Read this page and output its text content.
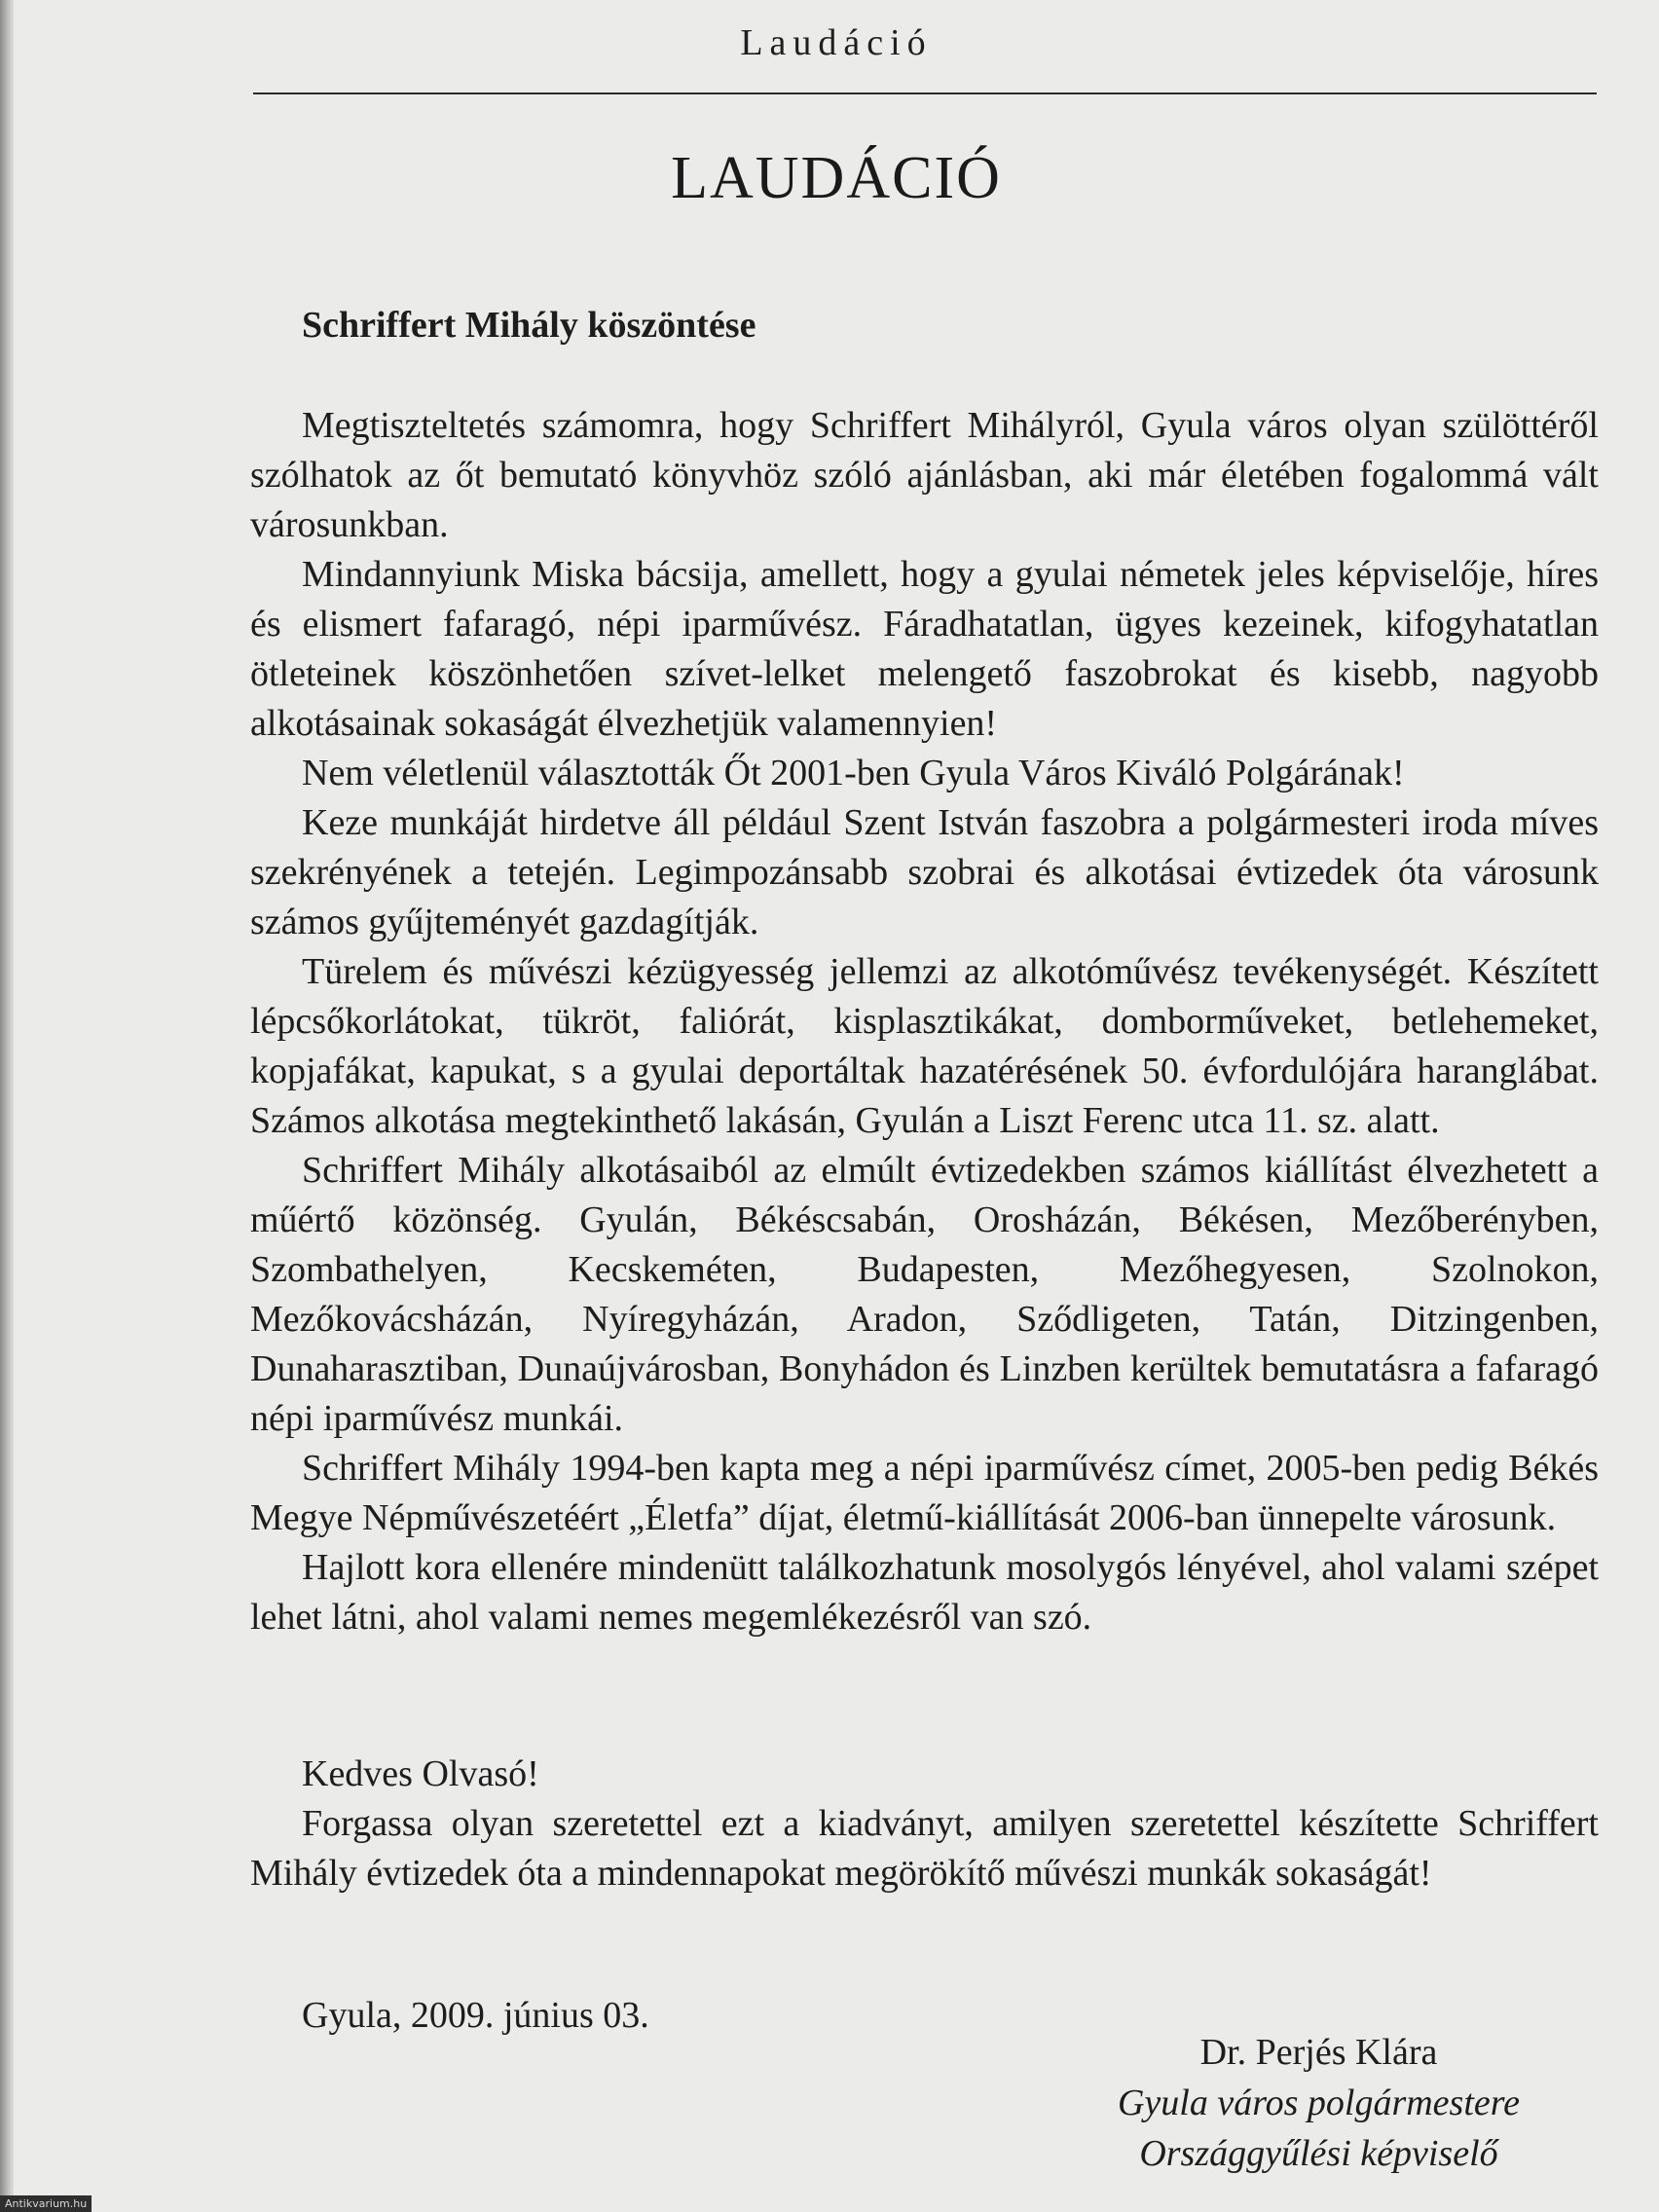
Laudáció
LAUDÁCIÓ
Schriffert Mihály köszöntése

Megtiszteltetés számomra, hogy Schriffert Mihályról, Gyula város olyan szülöttéről szólhatok az őt bemutató könyvhöz szóló ajánlásban, aki már életében fogalommá vált városunkban.

Mindannyiunk Miska bácsija, amellett, hogy a gyulai németek jeles képviselője, híres és elismert fafaragó, népi iparművész. Fáradhatatlan, ügyes kezeinek, kifogyhatatlan ötleteinek köszönhetően szívet-lelket melengető faszobrokat és kisebb, nagyobb alkotásainak sokaságát élvezhetjük valamennyien!

Nem véletlenül választották Őt 2001-ben Gyula Város Kiváló Polgárának!

Keze munkáját hirdetve áll például Szent István faszobra a polgármesteri iroda míves szekrényének a tetején. Legimpozánsabb szobrai és alkotásai évtizedek óta városunk számos gyűjteményét gazdagítják.

Türelem és művészi kézügyesség jellemzi az alkotóművész tevékenységét. Készített lépcsőkorlátokat, tükröt, faliórát, kisplasztikákat, domborműveket, betlehemeket, kopjafákat, kapukat, s a gyulai deportáltak hazatérésének 50. évfordulójára haranglábat. Számos alkotása megtekinthető lakásán, Gyulán a Liszt Ferenc utca 11. sz. alatt.

Schriffert Mihály alkotásaiból az elmúlt évtizedekben számos kiállítást élvezhetett a műértő közönség. Gyulán, Békéscsabán, Orosházán, Békésen, Mezőberényben, Szombathelyen, Kecskeméten, Budapesten, Mezőhegyesen, Szolnokon, Mezőkovácsházán, Nyíregyházán, Aradon, Sződligeten, Tatán, Ditzingenben, Dunaharasztiban, Dunaújvárosban, Bonyhádon és Linzben kerültek bemutatásra a fafaragó népi iparművész munkái.

Schriffert Mihály 1994-ben kapta meg a népi iparművész címet, 2005-ben pedig Békés Megye Népművészetéért „Életfa” díjat, életmű-kiállítását 2006-ban ünnepelte városunk.

Hajlott kora ellenére mindenütt találkozhatunk mosolygós lényével, ahol valami szépet lehet látni, ahol valami nemes megemlékezésről van szó.

Kedves Olvasó!

Forgassa olyan szeretettel ezt a kiadványt, amilyen szeretettel készítette Schriffert Mihály évtizedek óta a mindennapokat megörökítő művészi munkák sokaságát!

Gyula, 2009. június 03.

Dr. Perjés Klára
Gyula város polgármestere
Országgyűlési képviselő
Antikvarium.hu
